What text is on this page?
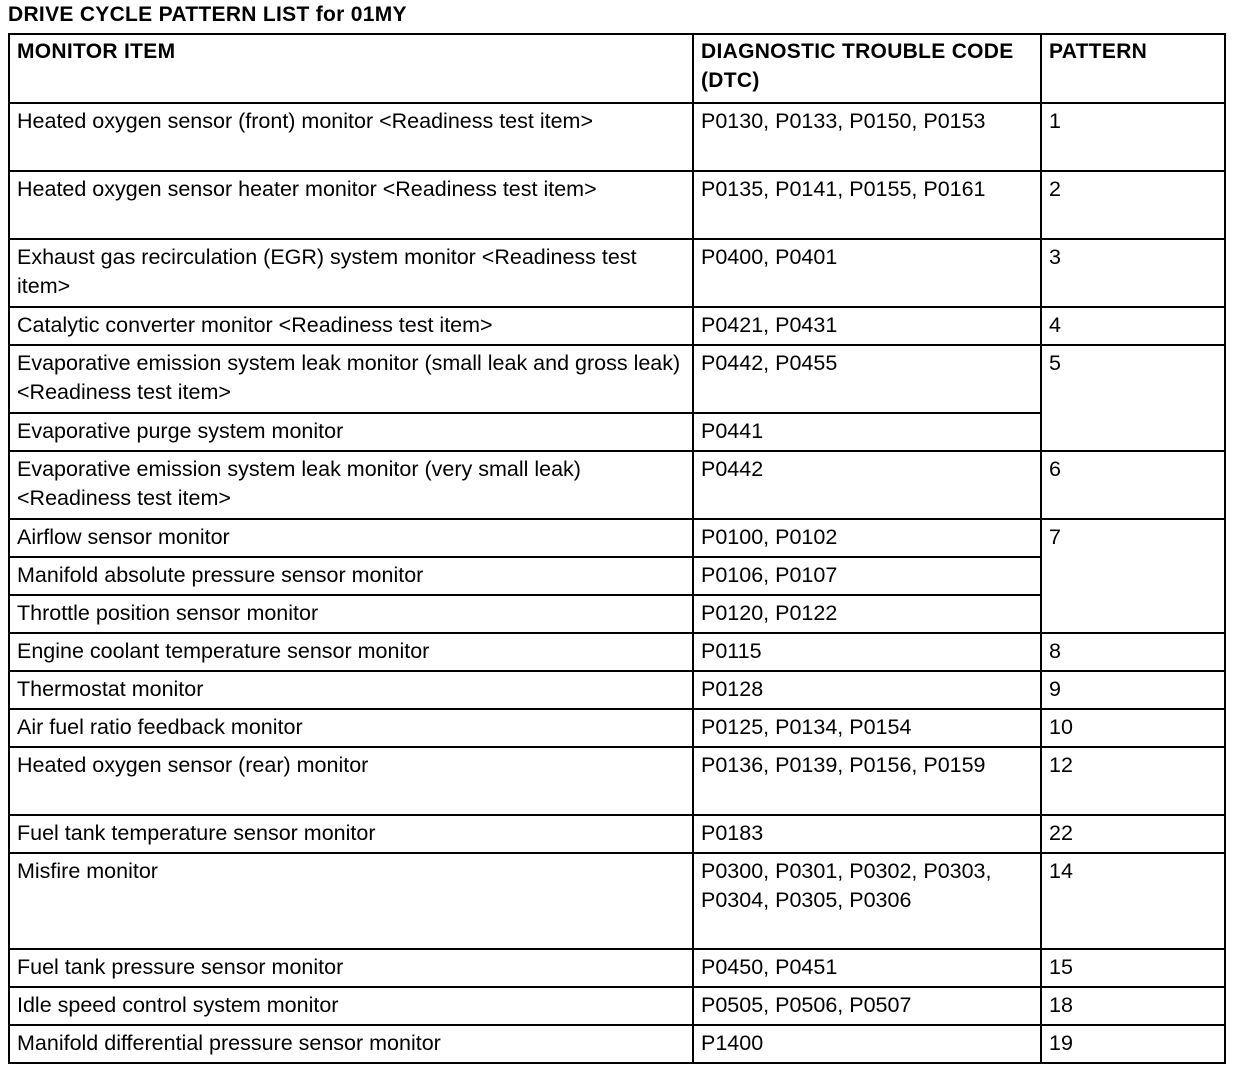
DRIVE CYCLE PATTERN LIST for 01MY
MONITOR ITEM	DIAGNOSTIC TROUBLE CODE (DTC)	PATTERN
Heated oxygen sensor (front) monitor <Readiness test item>	P0130, P0133, P0150, P0153	1
Heated oxygen sensor heater monitor <Readiness test item>	P0135, P0141, P0155, P0161	2
Exhaust gas recirculation (EGR) system monitor <Readiness test item>	P0400, P0401	3
Catalytic converter monitor <Readiness test item>	P0421, P0431	4
Evaporative emission system leak monitor (small leak and gross leak) <Readiness test item>	P0442, P0455	5
Evaporative purge system monitor	P0441	
Evaporative emission system leak monitor (very small leak) <Readiness test item>	P0442	6
Airflow sensor monitor	P0100, P0102	7
Manifold absolute pressure sensor monitor	P0106, P0107	
Throttle position sensor monitor	P0120, P0122	
Engine coolant temperature sensor monitor	P0115	8
Thermostat monitor	P0128	9
Air fuel ratio feedback monitor	P0125, P0134, P0154	10
Heated oxygen sensor (rear) monitor	P0136, P0139, P0156, P0159	12
Fuel tank temperature sensor monitor	P0183	22
Misfire monitor	P0300, P0301, P0302, P0303, P0304, P0305, P0306	14
Fuel tank pressure sensor monitor	P0450, P0451	15
Idle speed control system monitor	P0505, P0506, P0507	18
Manifold differential pressure sensor monitor	P1400	19
